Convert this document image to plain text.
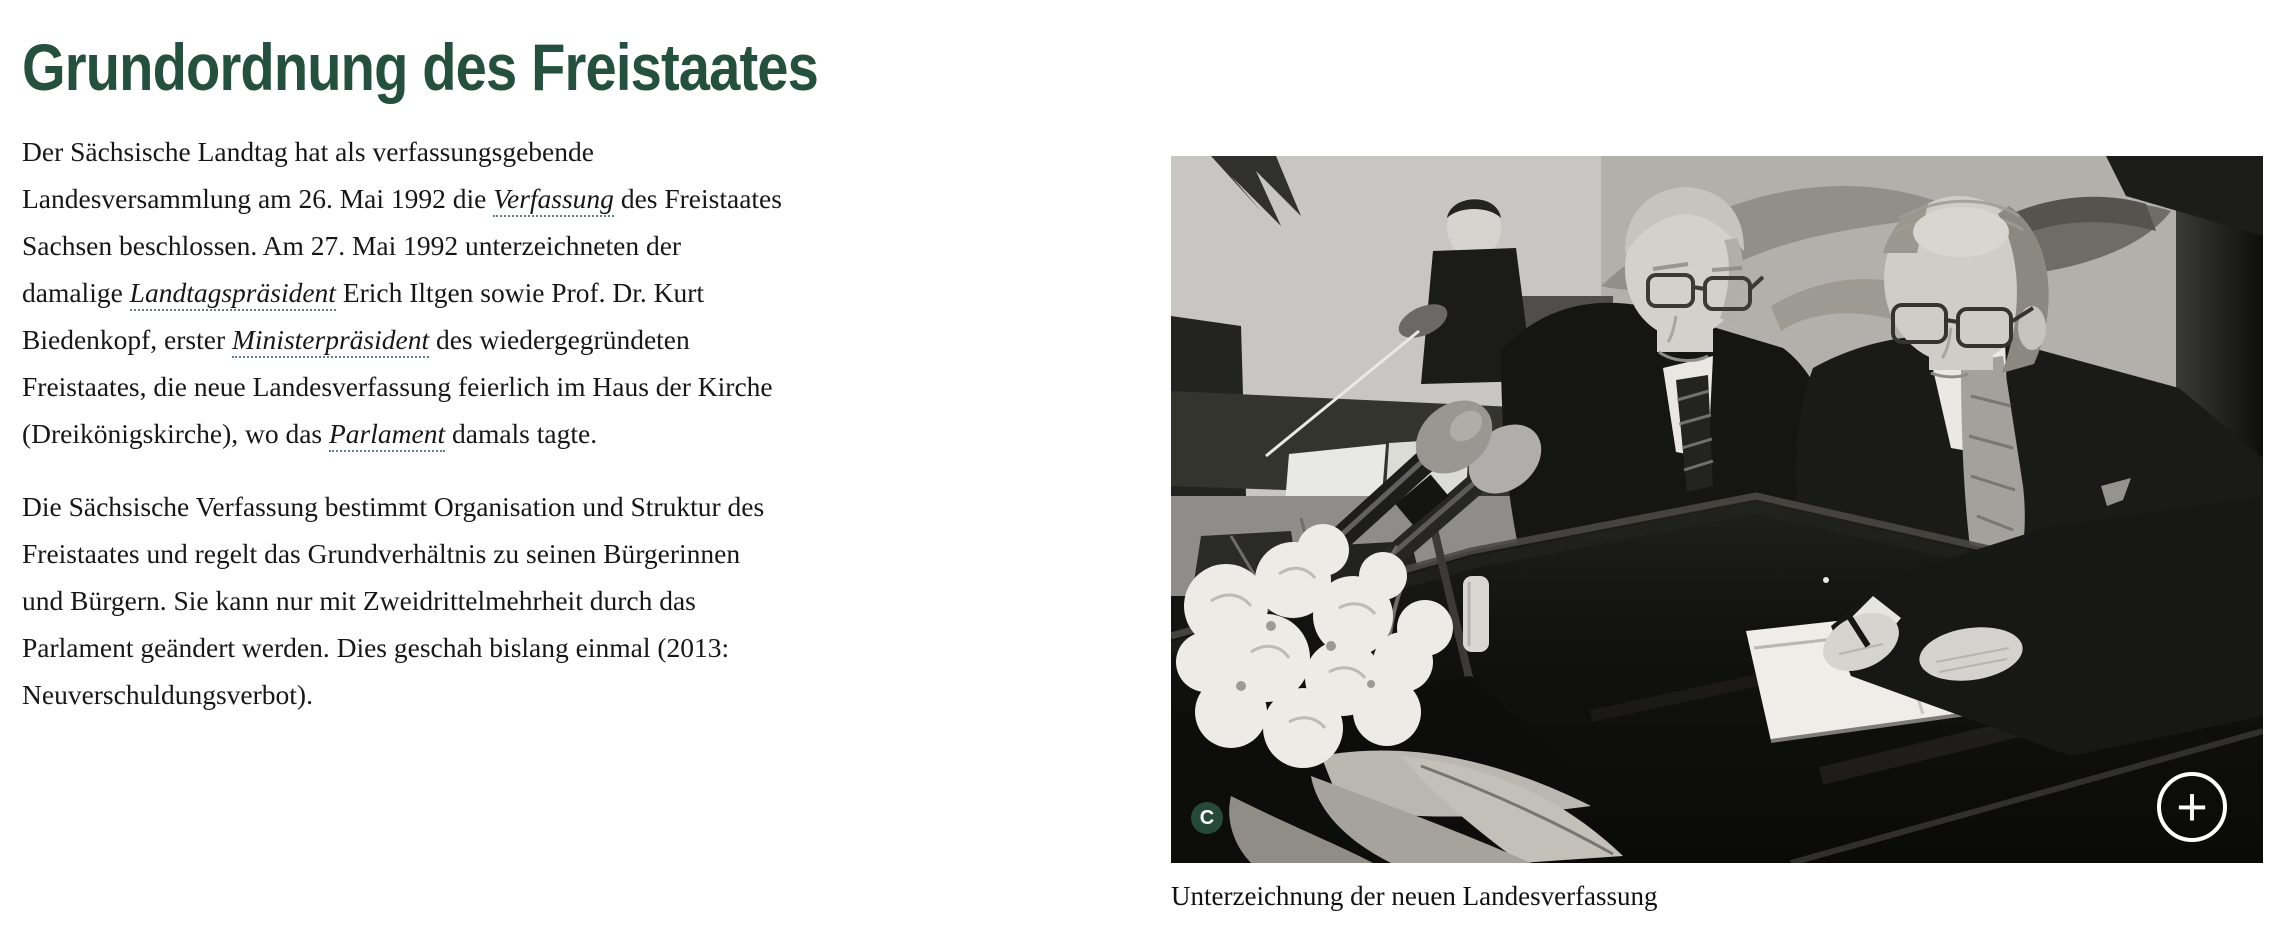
Grundordnung des Freistaates

Der Sächsische Landtag hat als verfassungsgebende Landesversammlung am 26. Mai 1992 die Verfassung des Freistaates Sachsen beschlossen. Am 27. Mai 1992 unterzeichneten der damalige Landtagspräsident Erich Iltgen sowie Prof. Dr. Kurt Biedenkopf, erster Ministerpräsident des wiedergegründeten Freistaates, die neue Landesverfassung feierlich im Haus der Kirche (Dreikönigskirche), wo das Parlament damals tagte.

Die Sächsische Verfassung bestimmt Organisation und Struktur des Freistaates und regelt das Grundverhältnis zu seinen Bürgerinnen und Bürgern. Sie kann nur mit Zweidrittelmehrheit durch das Parlament geändert werden. Dies geschah bislang einmal (2013: Neuverschuldungsverbot).

C	+
Unterzeichnung der neuen Landesverfassung
